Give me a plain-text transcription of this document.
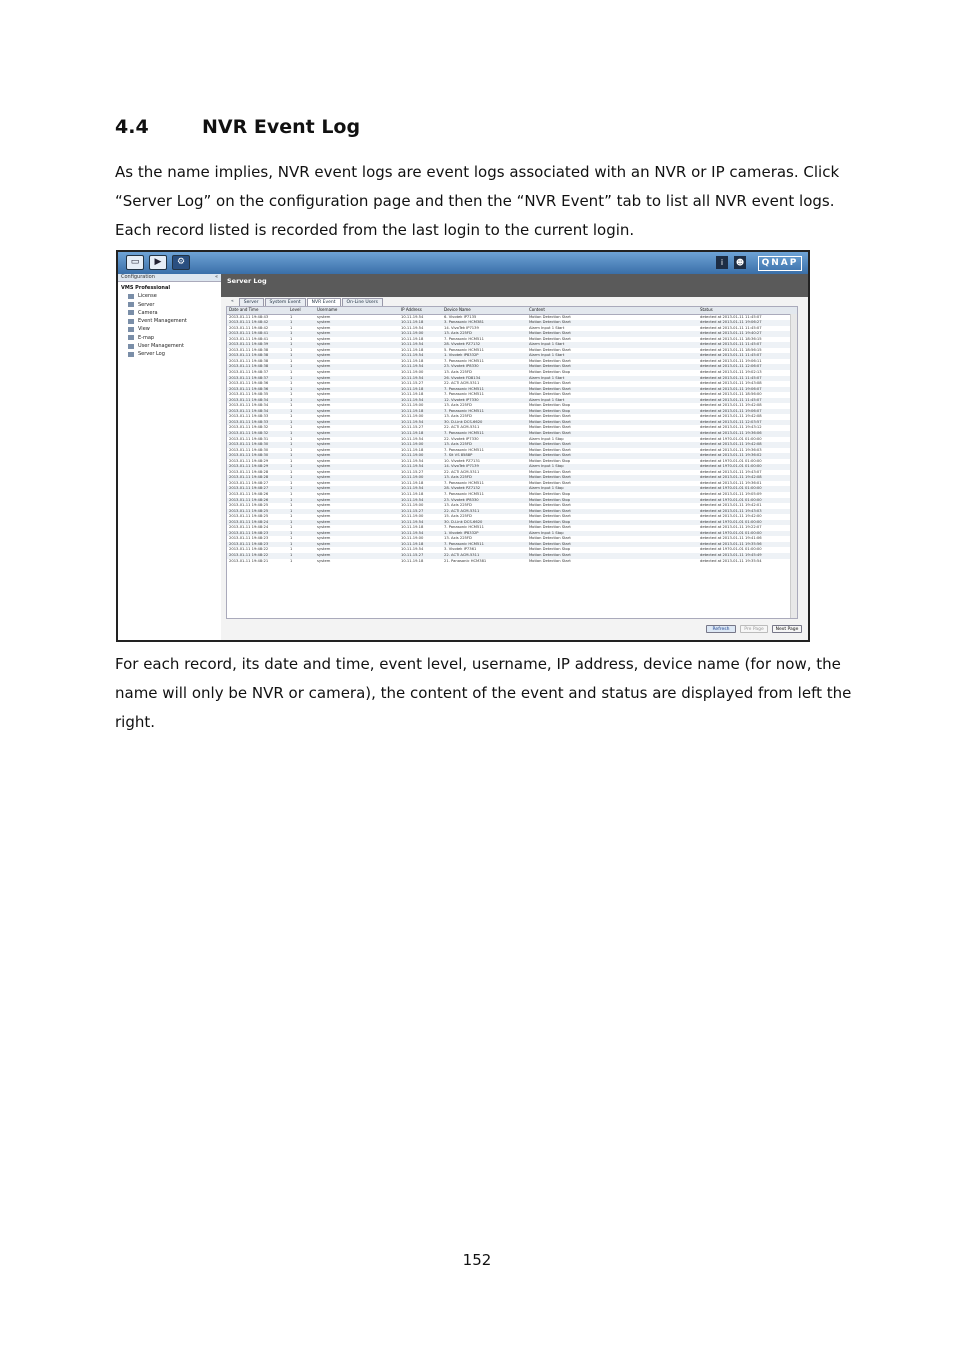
4.4	NVR Event Log
As the name implies, NVR event logs are event logs associated with an NVR or IP cameras. Click “Server Log” on the configuration page and then the “NVR Event” tab to list all NVR event logs. Each record listed is recorded from the last login to the current login.
▭	▶	⚙	i	☻	QNAP
Configuration	«
VMS Professional
License
Server
Camera
Event Management
View
E-map
User Management
Server Log
Server Log
«	Server	System Event	NVR Event	On-Line Users
Date and Time	Level	Username	IP Address	Device Name	Content	Status
2013-01-11 19:48:43	1	system	10.11.19.54	6. Vivotek IP7135	Motion Detection Start	detected at 2013-01-11 11:45:07
2013-01-11 19:48:42	1	system	10.11.19.18	3. Panasonic HCM381	Motion Detection Start	detected at 2013-01-11 19:06:27
2013-01-11 19:48:42	1	system	10.11.19.54	14. VivoTek IP7139	Alarm Input 1 Start	detected at 2013-01-11 11:45:07
2013-01-11 19:48:41	1	system	10.11.19.00	13. Axis 225FD	Motion Detection Start	detected at 2013-01-11 19:40:27
2013-01-11 19:48:41	1	system	10.11.19.18	7. Panasonic HCM511	Motion Detection Start	detected at 2013-01-11 18:36:15
2013-01-11 19:48:39	1	system	10.11.19.54	28. Vivotek PZ7132	Alarm Input 1 Start	detected at 2013-01-11 11:45:07
2013-01-11 19:48:38	1	system	10.11.19.18	5. Panasonic HCM511	Motion Detection Start	detected at 2013-01-11 18:56:15
2013-01-11 19:48:38	1	system	10.11.19.54	1. Vivotek IP8332P	Alarm Input 1 Start	detected at 2013-01-11 11:45:07
2013-01-11 19:48:38	1	system	10.11.19.18	7. Panasonic HCM511	Motion Detection Start	detected at 2013-01-11 19:06:11
2013-01-11 19:48:38	1	system	10.11.19.54	23. Vivotek IP8330	Motion Detection Start	detected at 2013-01-11 12:06:07
2013-01-11 19:48:37	1	system	10.11.19.00	13. Axis 225FD	Motion Detection Stop	detected at 2013-01-11 19:02:13
2013-01-11 19:48:37	1	system	10.11.19.54	26. Vivotek FD8134	Alarm Input 1 Start	detected at 2013-01-11 11:45:07
2013-01-11 19:48:36	1	system	10.11.15.27	22. ACTi ACM-5311	Motion Detection Start	detected at 2013-01-11 19:43:08
2013-01-11 19:48:36	1	system	10.11.19.18	7. Panasonic HCM511	Motion Detection Start	detected at 2013-01-11 19:06:07
2013-01-11 19:48:35	1	system	10.11.19.18	7. Panasonic HCM511	Motion Detection Start	detected at 2013-01-11 18:56:00
2013-01-11 19:48:34	1	system	10.11.19.54	12. Vivotek IP7330	Alarm Input 1 Start	detected at 2013-01-11 11:45:07
2013-01-11 19:48:34	1	system	10.11.19.00	13. Axis 225FD	Motion Detection Stop	detected at 2013-01-11 19:42:08
2013-01-11 19:48:34	1	system	10.11.19.18	7. Panasonic HCM511	Motion Detection Stop	detected at 2013-01-11 19:06:07
2013-01-11 19:48:33	1	system	10.11.19.00	13. Axis 225FD	Motion Detection Start	detected at 2013-01-11 19:42:08
2013-01-11 19:48:33	1	system	10.11.19.54	30. D-Link DCS-6620	Motion Detection Start	detected at 2013-01-11 12:03:57
2013-01-11 19:48:32	1	system	10.11.15.27	22. ACTi ACM-5311	Motion Detection Start	detected at 2013-01-11 19:43:12
2013-01-11 19:48:32	1	system	10.11.19.18	7. Panasonic HCM511	Motion Detection Start	detected at 2013-01-11 19:36:06
2013-01-11 19:48:31	1	system	10.11.19.54	22. Vivotek IP7330	Alarm Input 1 Stop	detected at 1970-01-01 01:00:00
2013-01-11 19:48:30	1	system	10.11.19.00	13. Axis 225FD	Motion Detection Start	detected at 2013-01-11 19:42:08
2013-01-11 19:48:30	1	system	10.11.19.18	7. Panasonic HCM511	Motion Detection Start	detected at 2013-01-11 19:36:03
2013-01-11 19:48:30	1	system	10.11.19.00	7. Sit VS 8588P	Motion Detection Start	detected at 2013-01-11 19:36:02
2013-01-11 19:48:29	1	system	10.11.19.54	10. Vivotek PZ7131	Motion Detection Stop	detected at 1970-01-01 01:00:00
2013-01-11 19:48:29	1	system	10.11.19.54	14. VivoTek IP7139	Alarm Input 1 Stop	detected at 1970-01-01 01:00:00
2013-01-11 19:48:28	1	system	10.11.15.27	22. ACTi ACM-5311	Motion Detection Start	detected at 2013-01-11 19:43:07
2013-01-11 19:48:28	1	system	10.11.19.00	13. Axis 225FD	Motion Detection Start	detected at 2013-01-11 19:42:08
2013-01-11 19:48:27	1	system	10.11.19.18	7. Panasonic HCM511	Motion Detection Start	detected at 2013-01-11 19:36:01
2013-01-11 19:48:27	1	system	10.11.19.54	28. Vivotek PZ7132	Alarm Input 1 Stop	detected at 1970-01-01 01:00:00
2013-01-11 19:48:26	1	system	10.11.19.18	7. Panasonic HCM511	Motion Detection Stop	detected at 2013-01-11 19:05:09
2013-01-11 19:48:26	1	system	10.11.19.54	23. Vivotek IP8330	Motion Detection Stop	detected at 1970-01-01 01:00:00
2013-01-11 19:48:25	1	system	10.11.19.00	13. Axis 225FD	Motion Detection Start	detected at 2013-01-11 19:42:01
2013-01-11 19:48:25	1	system	10.11.15.27	22. ACTi ACM-5311	Motion Detection Start	detected at 2013-01-11 19:43:03
2013-01-11 19:48:25	1	system	10.11.19.00	15. Axis 225FD	Motion Detection Start	detected at 2013-01-11 19:42:00
2013-01-11 19:48:24	1	system	10.11.19.54	30. D-Link DCS-6620	Motion Detection Stop	detected at 1970-01-01 01:00:00
2013-01-11 19:48:24	1	system	10.11.19.18	7. Panasonic HCM511	Motion Detection Start	detected at 2013-01-11 19:22:07
2013-01-11 19:48:23	1	system	10.11.19.54	1. Vivotek IP8332P	Alarm Input 1 Stop	detected at 1970-01-01 01:00:00
2013-01-11 19:48:23	1	system	10.11.19.00	13. Axis 225FD	Motion Detection Start	detected at 2013-01-11 19:41:06
2013-01-11 19:48:23	1	system	10.11.19.18	7. Panasonic HCM511	Motion Detection Start	detected at 2013-01-11 19:35:56
2013-01-11 19:48:22	1	system	10.11.19.54	3. Vivotek IP7361	Motion Detection Stop	detected at 1970-01-01 01:00:00
2013-01-11 19:48:22	1	system	10.11.15.27	22. ACTi ACM-5311	Motion Detection Start	detected at 2013-01-11 19:45:49
2013-01-11 19:48:21	1	system	10.11.19.18	21. Panasonic HCM381	Motion Detection Start	detected at 2013-01-11 19:35:54
Refresh	Pre Page	Next Page
For each record, its date and time, event level, username, IP address, device name (for now, the name will only be NVR or camera), the content of the event and status are displayed from left the right.
152
